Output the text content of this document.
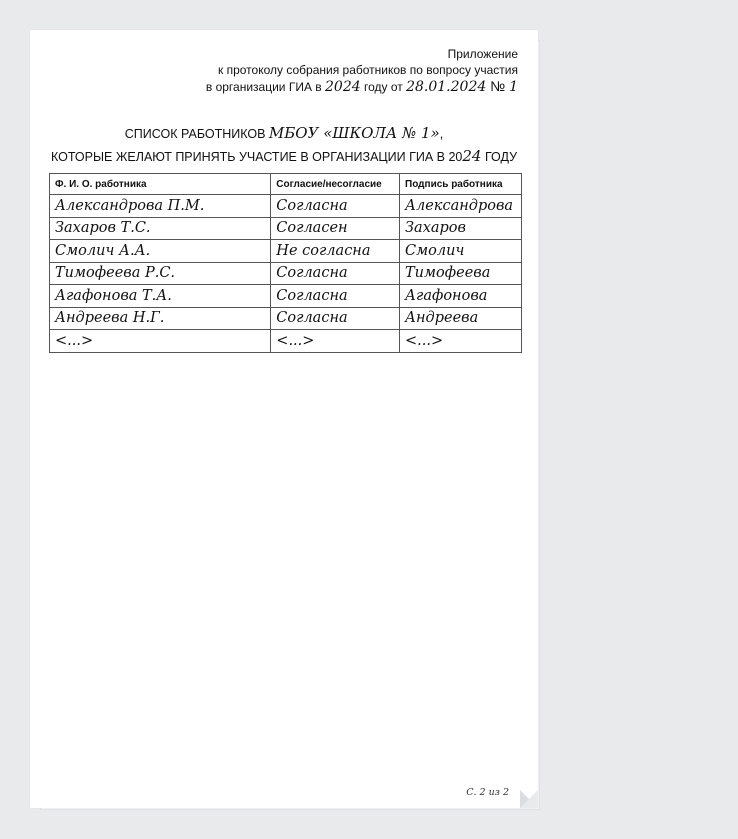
Приложение
к протоколу собрания работников по вопросу участия
в организации ГИА в 2024 году от 28.01.2024 № 1
СПИСОК РАБОТНИКОВ МБОУ «ШКОЛА № 1»,
КОТОРЫЕ ЖЕЛАЮТ ПРИНЯТЬ УЧАСТИЕ В ОРГАНИЗАЦИИ ГИА В 2024 ГОДУ
Ф. И. О. работника	Согласие/несогласие	Подпись работника
Александрова П.М.	Согласна	Александрова
Захаров Т.С.	Согласен	Захаров
Смолич А.А.	Не согласна	Смолич
Тимофеева Р.С.	Согласна	Тимофеева
Агафонова Т.А.	Согласна	Агафонова
Андреева Н.Г.	Согласна	Андреева
<...>	<...>	<...>
С. 2 из 2
